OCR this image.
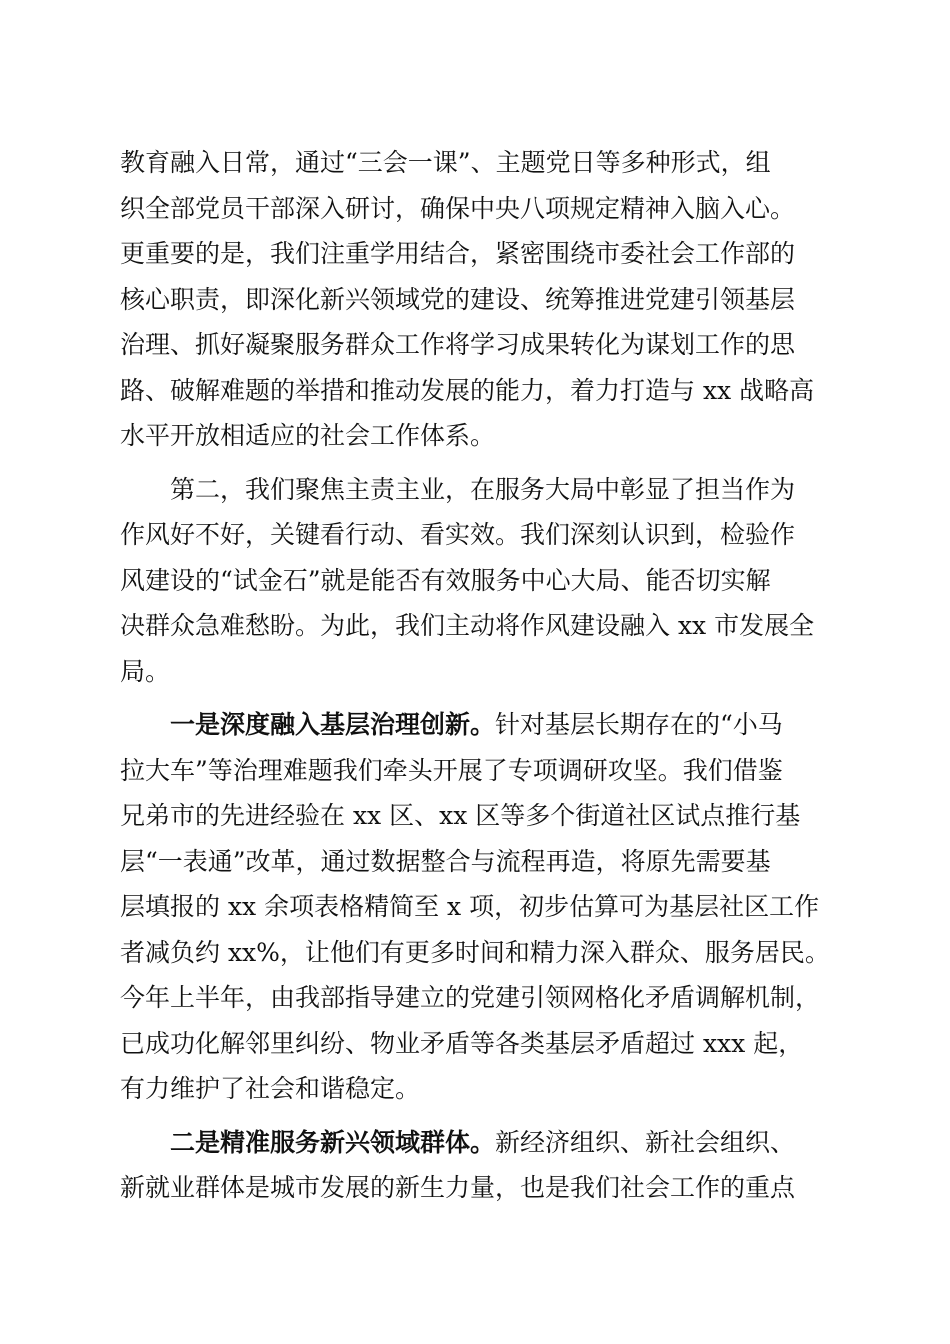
教育融入日常，通过“三会一课”、主题党日等多种形式，组
织全部党员干部深入研讨，确保中央八项规定精神入脑入心。
更重要的是，我们注重学用结合，紧密围绕市委社会工作部的
核心职责，即深化新兴领域党的建设、统筹推进党建引领基层
治理、抓好凝聚服务群众工作将学习成果转化为谋划工作的思
路、破解难题的举措和推动发展的能力，着力打造与 xx 战略高
水平开放相适应的社会工作体系。
第二，我们聚焦主责主业，在服务大局中彰显了担当作为
作风好不好，关键看行动、看实效。我们深刻认识到，检验作
风建设的“试金石”就是能否有效服务中心大局、能否切实解
决群众急难愁盼。为此，我们主动将作风建设融入 xx 市发展全
局。
一是深度融入基层治理创新。针对基层长期存在的“小马
拉大车”等治理难题我们牵头开展了专项调研攻坚。我们借鉴
兄弟市的先进经验在 xx 区、xx 区等多个街道社区试点推行基
层“一表通”改革，通过数据整合与流程再造，将原先需要基
层填报的 xx 余项表格精简至 x 项，初步估算可为基层社区工作
者减负约 xx%，让他们有更多时间和精力深入群众、服务居民。
今年上半年，由我部指导建立的党建引领网格化矛盾调解机制，
已成功化解邻里纠纷、物业矛盾等各类基层矛盾超过 xxx 起，
有力维护了社会和谐稳定。
二是精准服务新兴领域群体。新经济组织、新社会组织、
新就业群体是城市发展的新生力量，也是我们社会工作的重点
